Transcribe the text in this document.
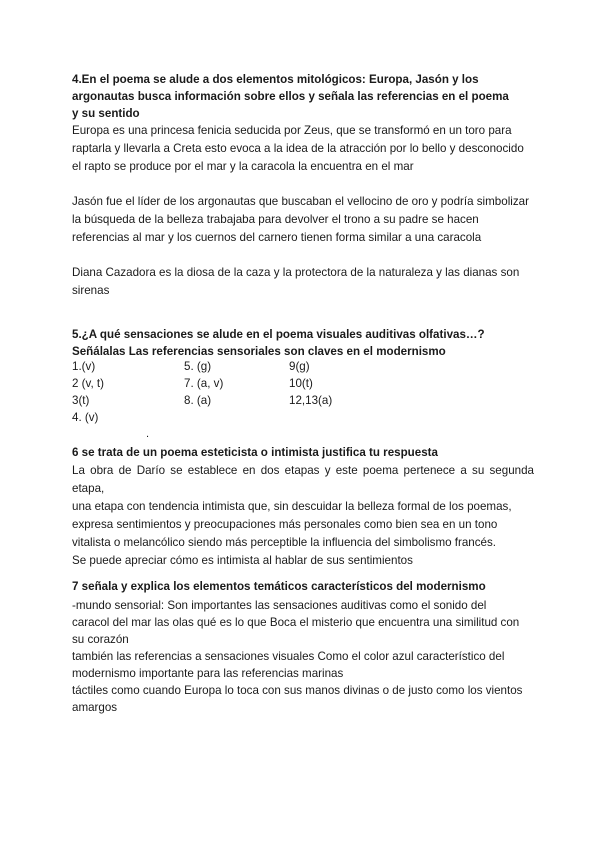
4.En el poema se alude a dos elementos mitológicos: Europa, Jasón y los
argonautas busca información sobre ellos y señala las referencias en el poema
y su sentido

Europa es una princesa fenicia seducida por Zeus, que se transformó en un toro para
raptarla y llevarla a Creta esto evoca a la idea de la atracción por lo bello y desconocido
el rapto se produce por el mar y la caracola la encuentra en el mar

Jasón fue el líder de los argonautas que buscaban el vellocino de oro y podría simbolizar
la búsqueda de la belleza trabajaba para devolver el trono a su padre se hacen
referencias al mar y los cuernos del carnero tienen forma similar a una caracola

Diana Cazadora es la diosa de la caza y la protectora de la naturaleza y las dianas son
sirenas

5.¿A qué sensaciones se alude en el poema visuales auditivas olfativas…?
Señálalas Las referencias sensoriales son claves en el modernismo

1.(v)	5. (g)	9(g)
2 (v, t)	7. (a, v)	10(t)
3(t)	8. (a)	12,13(a)
4. (v)
.

6 se trata de un poema esteticista o intimista justifica tu respuesta

La obra de Darío se establece en dos etapas y este poema pertenece a su segunda etapa,
una etapa con tendencia intimista que, sin descuidar la belleza formal de los poemas,
expresa sentimientos y preocupaciones más personales como bien sea en un tono
vitalista o melancólico siendo más perceptible la influencia del simbolismo francés.

Se puede apreciar cómo es intimista al hablar de sus sentimientos

7 señala y explica los elementos temáticos característicos del modernismo

-mundo sensorial: Son importantes las sensaciones auditivas como el sonido del
caracol del mar las olas qué es lo que Boca el misterio que encuentra una similitud con
su corazón

también las referencias a sensaciones visuales Como el color azul característico del
modernismo importante para las referencias marinas

táctiles como cuando Europa lo toca con sus manos divinas o de justo como los vientos
amargos
